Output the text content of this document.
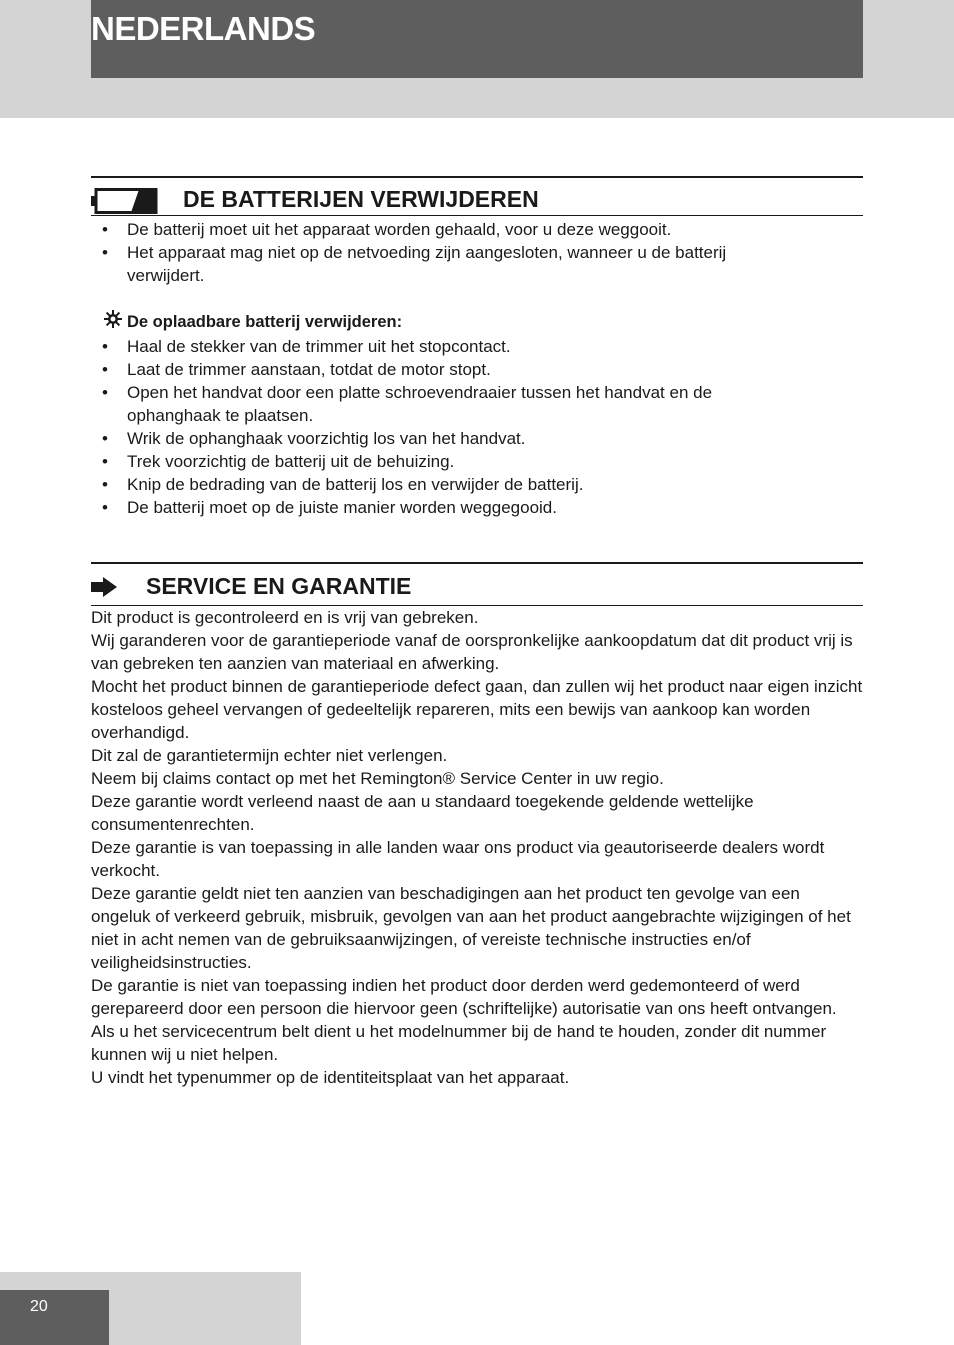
NEDERLANDS
DE BATTERIJEN VERWIJDEREN
• De batterij moet uit het apparaat worden gehaald, voor u deze weggooit.
• Het apparaat mag niet op de netvoeding zijn aangesloten, wanneer u de batterij verwijdert.
De oplaadbare batterij verwijderen:
• Haal de stekker van de trimmer uit het stopcontact.
• Laat de trimmer aanstaan, totdat de motor stopt.
• Open het handvat door een platte schroevendraaier tussen het handvat en de ophanghaak te plaatsen.
• Wrik de ophanghaak voorzichtig los van het handvat.
• Trek voorzichtig de batterij uit de behuizing.
• Knip de bedrading van de batterij los en verwijder de batterij.
• De batterij moet op de juiste manier worden weggegooid.
SERVICE EN GARANTIE

Dit product is gecontroleerd en is vrij van gebreken.

Wij garanderen voor de garantieperiode vanaf de oorspronkelijke aankoopdatum dat dit product vrij is van gebreken ten aanzien van materiaal en afwerking.

Mocht het product binnen de garantieperiode defect gaan, dan zullen wij het product naar eigen inzicht kosteloos geheel vervangen of gedeeltelijk repareren, mits een bewijs van aankoop kan worden overhandigd.

Dit zal de garantietermijn echter niet verlengen.

Neem bij claims contact op met het Remington® Service Center in uw regio.

Deze garantie wordt verleend naast de aan u standaard toegekende geldende wettelijke consumentenrechten.

Deze garantie is van toepassing in alle landen waar ons product via geautoriseerde dealers wordt verkocht.

Deze garantie geldt niet ten aanzien van beschadigingen aan het product ten gevolge van een ongeluk of verkeerd gebruik, misbruik, gevolgen van aan het product aangebrachte wijzigingen of het niet in acht nemen van de gebruiksaanwijzingen, of vereiste technische instructies en/of veiligheidsinstructies.

De garantie is niet van toepassing indien het product door derden werd gedemonteerd of werd gerepareerd door een persoon die hiervoor geen (schriftelijke) autorisatie van ons heeft ontvangen.

Als u het servicecentrum belt dient u het modelnummer bij de hand te houden, zonder dit nummer kunnen wij u niet helpen.

U vindt het typenummer op de identiteitsplaat van het apparaat.

20
